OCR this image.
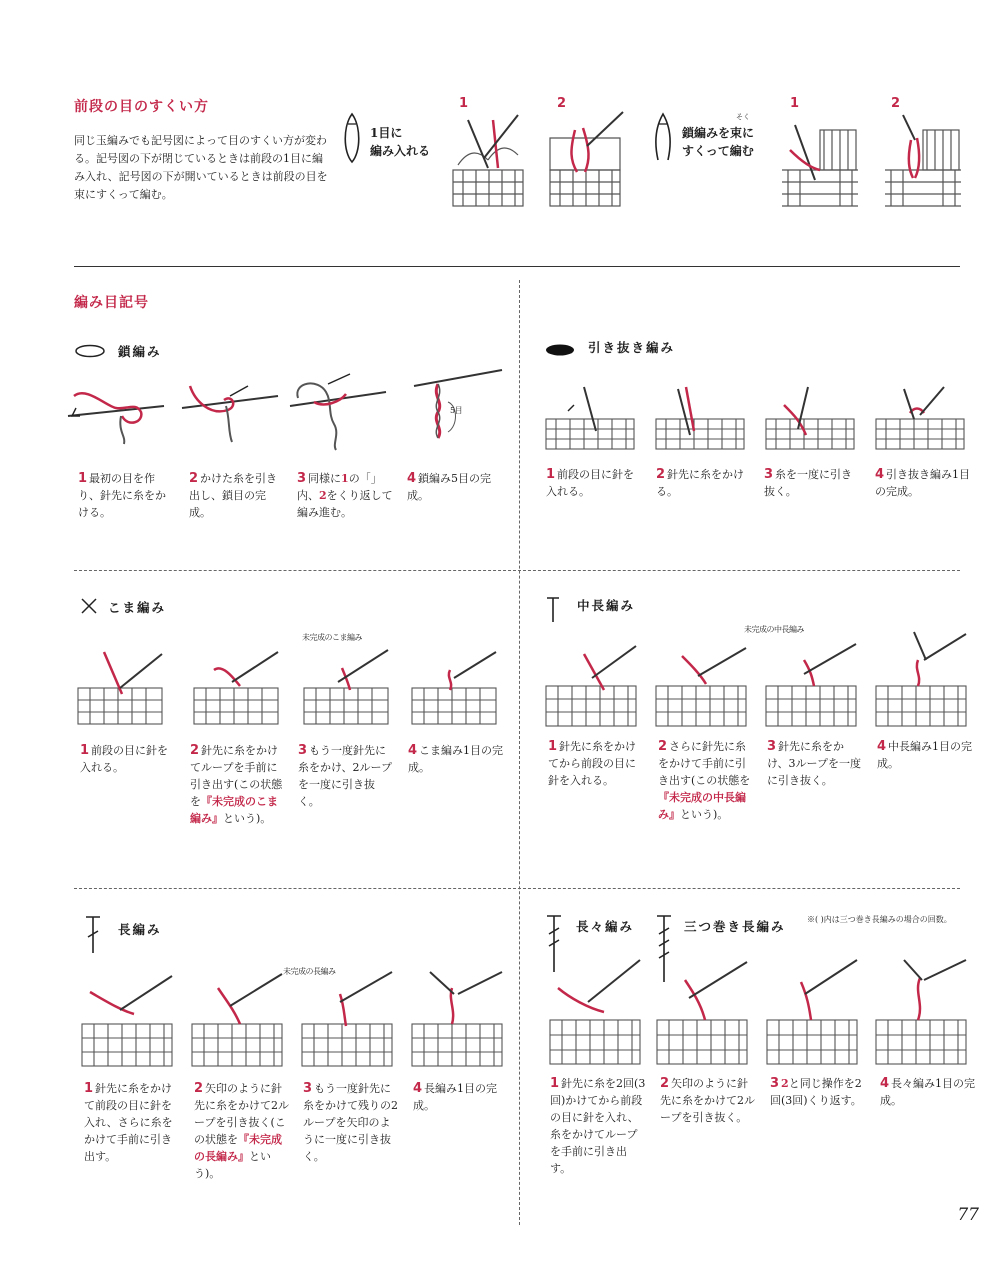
前段の目のすくい方
同じ玉編みでも記号図によって目のすくい方が変わる。記号図の下が閉じているときは前段の1目に編み入れ、記号図の下が開いているときは前段の目を束にすくって編む。
1目に
編み入れる
1	2
そく
鎖編みを束に
すくって編む
1	2
編み目記号
鎖編み
5目
1 最初の目を作り、針先に糸をかける。
2 かけた糸を引き出し、鎖目の完成。
3 同様に1の「」内、2をくり返して編み進む。
4 鎖編み5目の完成。
引き抜き編み
1 前段の目に針を入れる。
2 針先に糸をかける。
3 糸を一度に引き抜く。
4 引き抜き編み1目の完成。
こま編み
未完成のこま編み
1 前段の目に針を入れる。
2 針先に糸をかけてループを手前に引き出す(この状態を『未完成のこま編み』という)。
3 もう一度針先に糸をかけ、2ループを一度に引き抜く。
4 こま編み1目の完成。
中長編み
未完成の中長編み
1 針先に糸をかけてから前段の目に針を入れる。
2 さらに針先に糸をかけて手前に引き出す(この状態を『未完成の中長編み』という)。
3 針先に糸をかけ、3ループを一度に引き抜く。
4 中長編み1目の完成。
長編み
未完成の長編み
1 針先に糸をかけて前段の目に針を入れ、さらに糸をかけて手前に引き出す。
2 矢印のように針先に糸をかけて2ループを引き抜く(この状態を『未完成の長編み』という)。
3 もう一度針先に糸をかけて残りの2ループを矢印のように一度に引き抜く。
4 長編み1目の完成。
長々編み	三つ巻き長編み	※( )内は三つ巻き長編みの場合の回数。
1 針先に糸を2回(3回)かけてから前段の目に針を入れ、糸をかけてループを手前に引き出す。
2 矢印のように針先に糸をかけて2ループを引き抜く。
3 2と同じ操作を2回(3回)くり返す。
4 長々編み1目の完成。
77
